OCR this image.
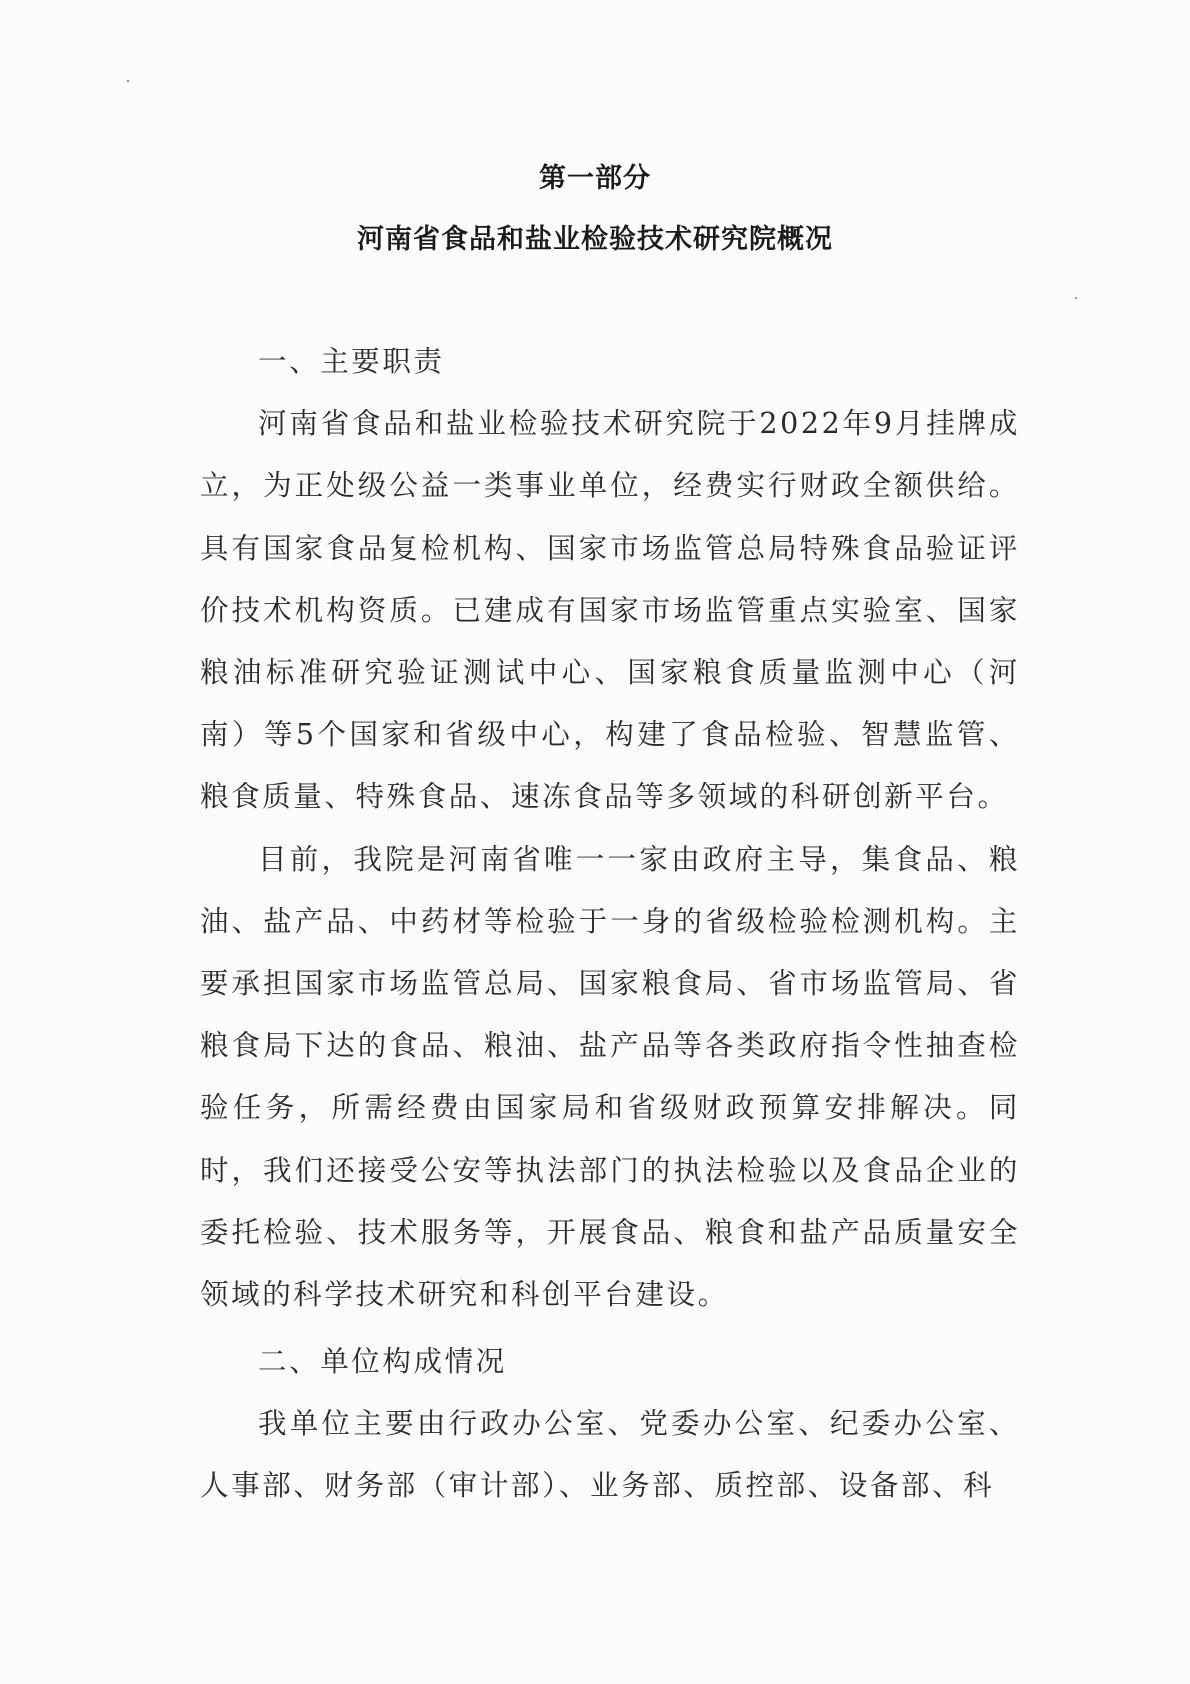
第一部分
河南省食品和盐业检验技术研究院概况

一、主要职责

河南省食品和盐业检验技术研究院于2022年9月挂牌成立，为正处级公益一类事业单位，经费实行财政全额供给。具有国家食品复检机构、国家市场监管总局特殊食品验证评价技术机构资质。已建成有国家市场监管重点实验室、国家粮油标准研究验证测试中心、国家粮食质量监测中心（河南）等5个国家和省级中心，构建了食品检验、智慧监管、粮食质量、特殊食品、速冻食品等多领域的科研创新平台。

目前，我院是河南省唯一一家由政府主导，集食品、粮油、盐产品、中药材等检验于一身的省级检验检测机构。主要承担国家市场监管总局、国家粮食局、省市场监管局、省粮食局下达的食品、粮油、盐产品等各类政府指令性抽查检验任务，所需经费由国家局和省级财政预算安排解决。同时，我们还接受公安等执法部门的执法检验以及食品企业的委托检验、技术服务等，开展食品、粮食和盐产品质量安全领域的科学技术研究和科创平台建设。

二、单位构成情况

我单位主要由行政办公室、党委办公室、纪委办公室、人事部、财务部（审计部）、业务部、质控部、设备部、科
